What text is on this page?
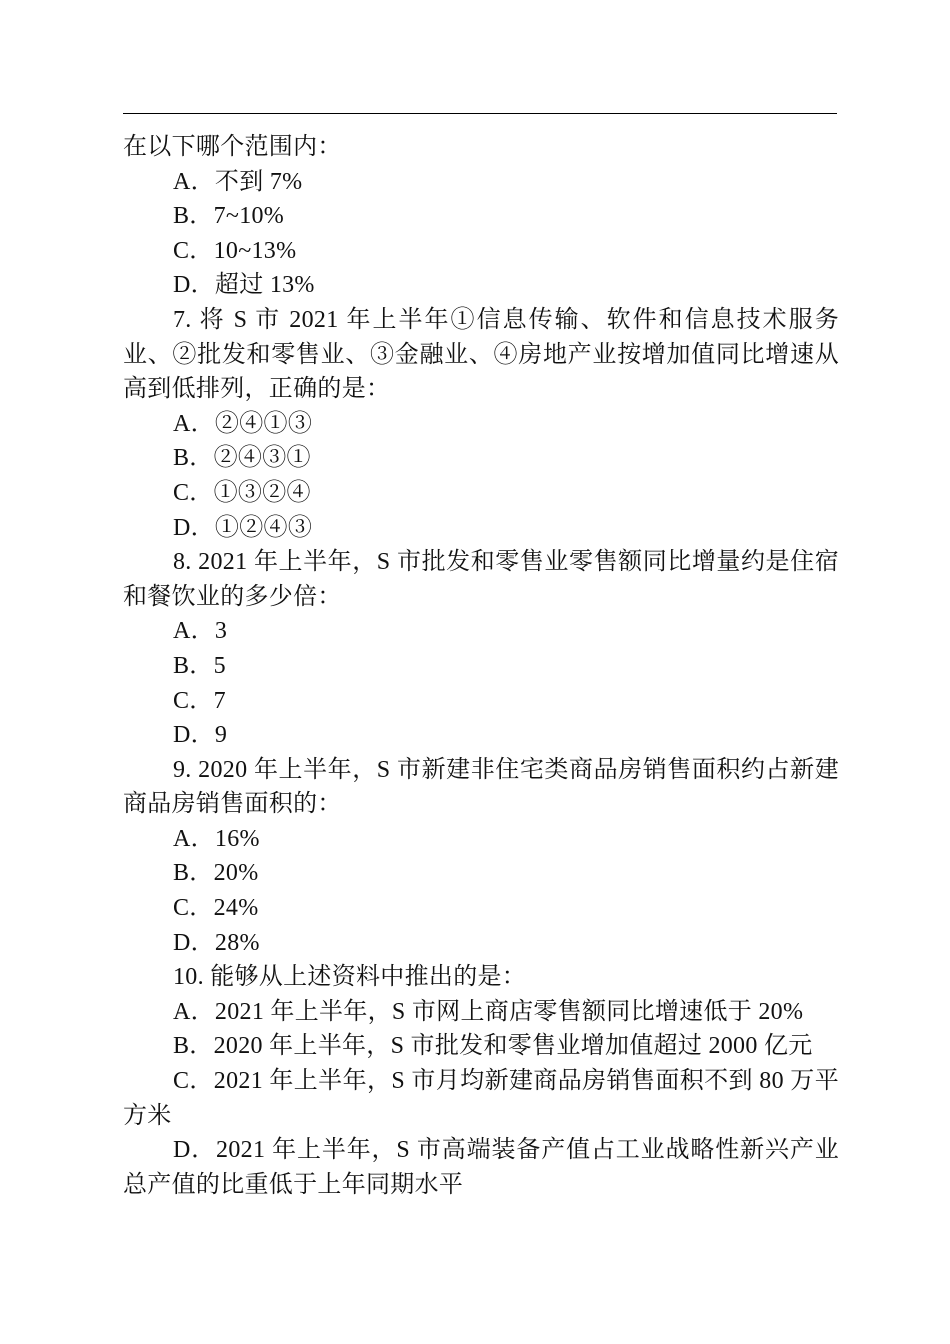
在以下哪个范围内：

A．不到 7%

B．7~10%

C．10~13%

D．超过 13%

7. 将 S 市 2021 年上半年①信息传输、软件和信息技术服务业、②批发和零售业、③金融业、④房地产业按增加值同比增速从高到低排列，正确的是：

A．②④①③

B．②④③①

C．①③②④

D．①②④③

8. 2021 年上半年，S 市批发和零售业零售额同比增量约是住宿和餐饮业的多少倍：

A．3

B．5

C．7

D．9

9. 2020 年上半年，S 市新建非住宅类商品房销售面积约占新建商品房销售面积的：

A．16%

B．20%

C．24%

D．28%

10. 能够从上述资料中推出的是：

A．2021 年上半年，S 市网上商店零售额同比增速低于 20%

B．2020 年上半年，S 市批发和零售业增加值超过 2000 亿元

C．2021 年上半年，S 市月均新建商品房销售面积不到 80 万平方米

D．2021 年上半年，S 市高端装备产值占工业战略性新兴产业总产值的比重低于上年同期水平
